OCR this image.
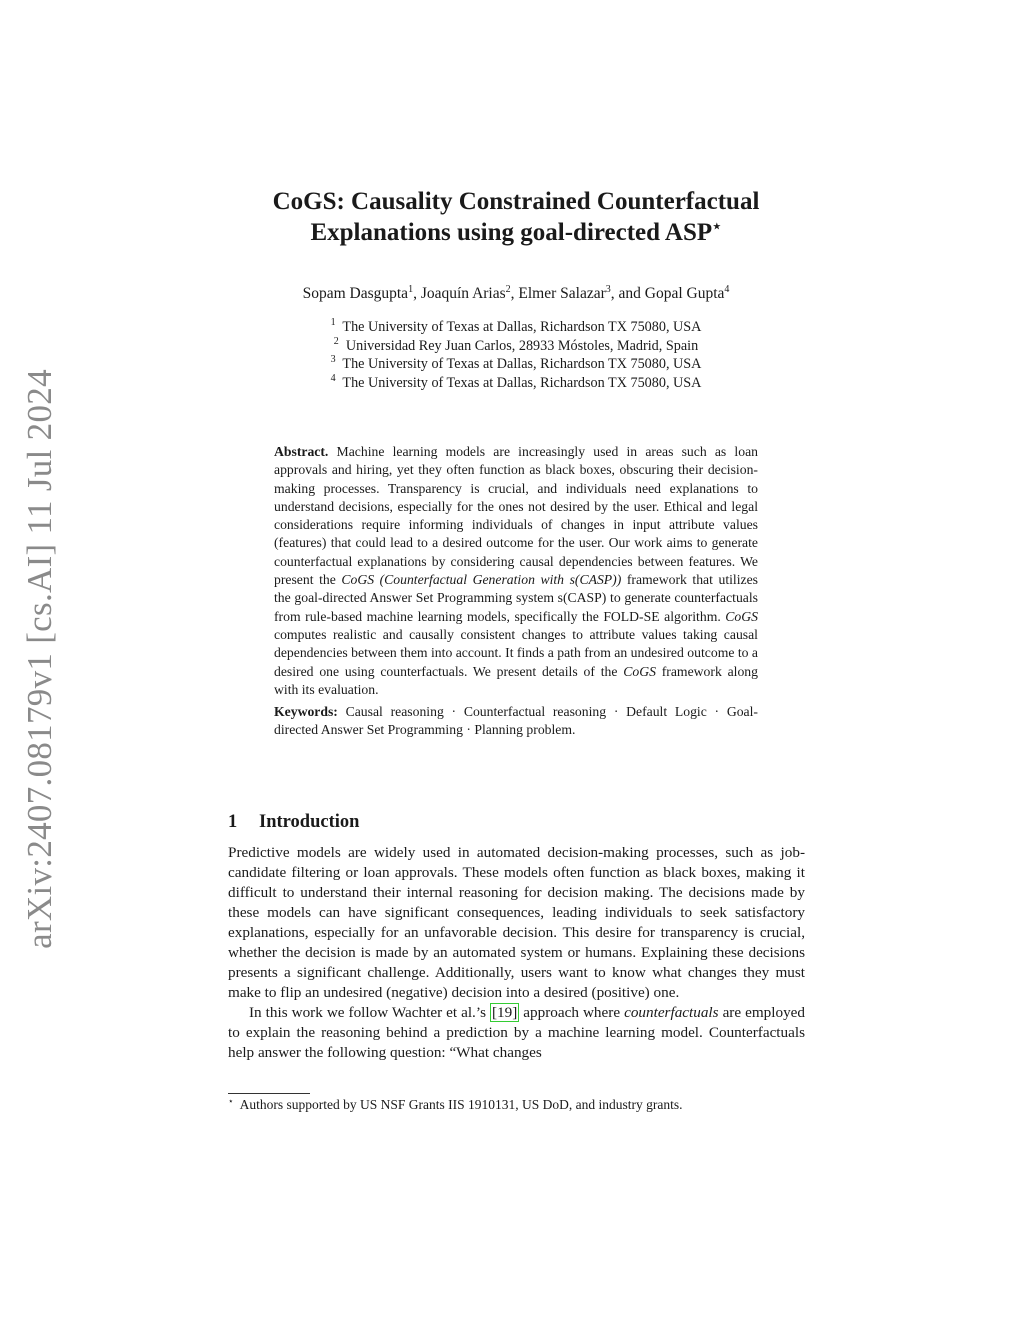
arXiv:2407.08179v1 [cs.AI] 11 Jul 2024
CoGS: Causality Constrained Counterfactual
Explanations using goal-directed ASP⋆
Sopam Dasgupta$^1$, Joaquín Arias$^2$, Elmer Salazar$^3$, and Gopal Gupta$^4$
$^1$ The University of Texas at Dallas, Richardson TX 75080, USA
$^2$ Universidad Rey Juan Carlos, 28933 Móstoles, Madrid, Spain
$^3$ The University of Texas at Dallas, Richardson TX 75080, USA
$^4$ The University of Texas at Dallas, Richardson TX 75080, USA

Abstract. Machine learning models are increasingly used in areas such as loan approvals and hiring, yet they often function as black boxes, obscuring their decision-making processes. Transparency is crucial, and individuals need explanations to understand decisions, especially for the ones not desired by the user. Ethical and legal considerations require informing individuals of changes in input attribute values (features) that could lead to a desired outcome for the user. Our work aims to generate counterfactual explanations by considering causal dependencies between features. We present the CoGS (Counterfactual Generation with s(CASP)) framework that utilizes the goal-directed Answer Set Programming system s(CASP) to generate counterfactuals from rule-based machine learning models, specifically the FOLD-SE algorithm. CoGS computes realistic and causally consistent changes to attribute values taking causal dependencies between them into account. It finds a path from an undesired outcome to a desired one using counterfactuals. We present details of the CoGS framework along with its evaluation.

Keywords: Causal reasoning · Counterfactual reasoning · Default Logic · Goal-directed Answer Set Programming · Planning problem.

1 Introduction

Predictive models are widely used in automated decision-making processes, such as job-candidate filtering or loan approvals. These models often function as black boxes, making it difficult to understand their internal reasoning for decision making. The decisions made by these models can have significant consequences, leading individuals to seek satisfactory explanations, especially for an unfavorable decision. This desire for transparency is crucial, whether the decision is made by an automated system or humans. Explaining these decisions presents a significant challenge. Additionally, users want to know what changes they must make to flip an undesired (negative) decision into a desired (positive) one.

In this work we follow Wachter et al.’s [19] approach where counterfactuals are employed to explain the reasoning behind a prediction by a machine learning model. Counterfactuals help answer the following question: “What changes

⋆ Authors supported by US NSF Grants IIS 1910131, US DoD, and industry grants.
